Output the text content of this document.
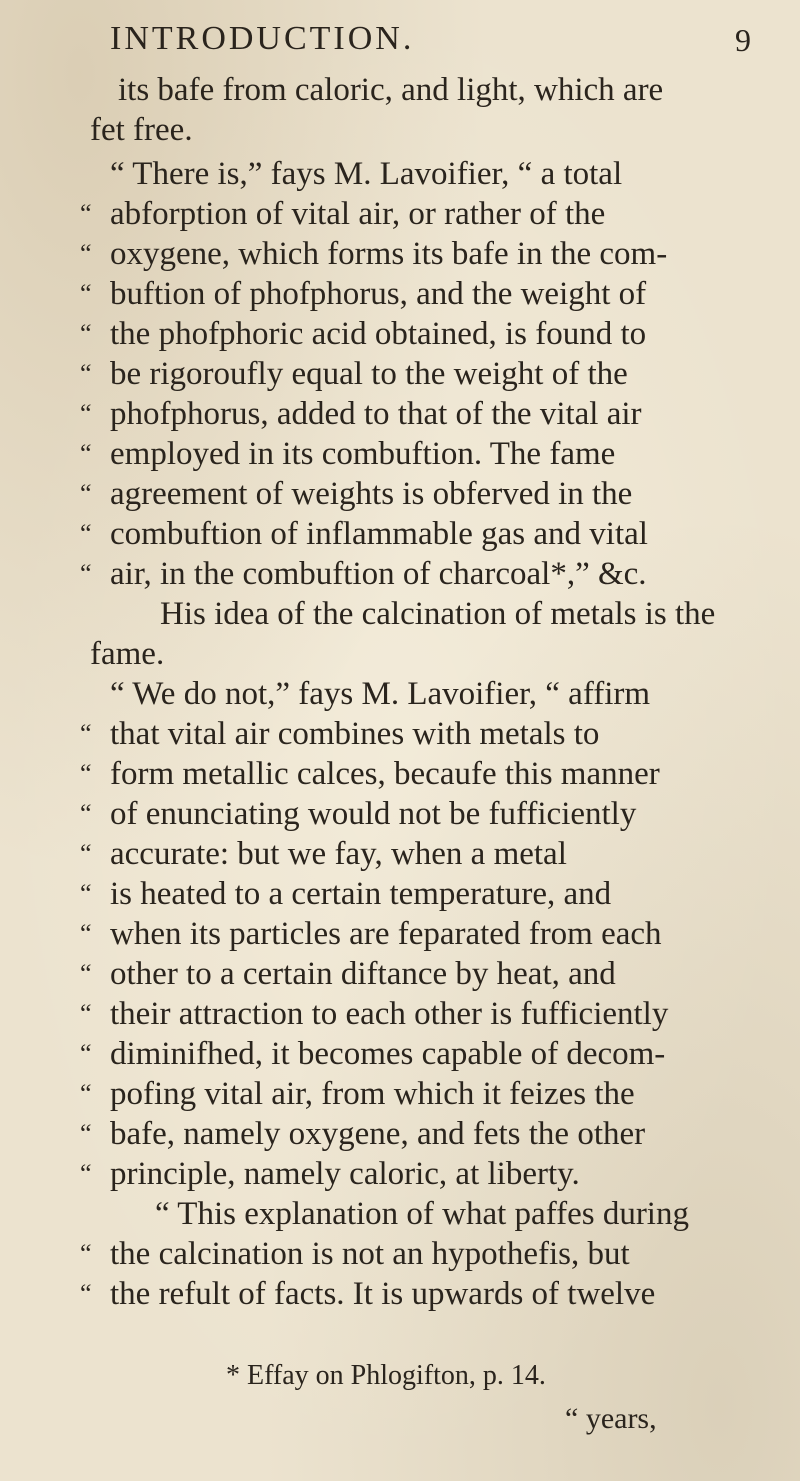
INTRODUCTION.	9
its bafe from caloric, and light, which are
fet free.
“ There is,” fays M. Lavoifier, “ a total
“ abforption of vital air, or rather of the
“ oxygene, which forms its bafe in the com-
“ buftion of phofphorus, and the weight of
“ the phofphoric acid obtained, is found to
“ be rigoroufly equal to the weight of the
“ phofphorus, added to that of the vital air
“ employed in its combuftion. The fame
“ agreement of weights is obferved in the
“ combuftion of inflammable gas and vital
“ air, in the combuftion of charcoal*,” &c.
His idea of the calcination of metals is the
fame.
“ We do not,” fays M. Lavoifier, “ affirm
“ that vital air combines with metals to
“ form metallic calces, becaufe this manner
“ of enunciating would not be fufficiently
“ accurate: but we fay, when a metal
“ is heated to a certain temperature, and
“ when its particles are feparated from each
“ other to a certain diftance by heat, and
“ their attraction to each other is fufficiently
“ diminifhed, it becomes capable of decom-
“ pofing vital air, from which it feizes the
“ bafe, namely oxygene, and fets the other
“ principle, namely caloric, at liberty.
“ This explanation of what paffes during
“ the calcination is not an hypothefis, but
“ the refult of facts. It is upwards of twelve
* Effay on Phlogifton, p. 14.
“ years,
